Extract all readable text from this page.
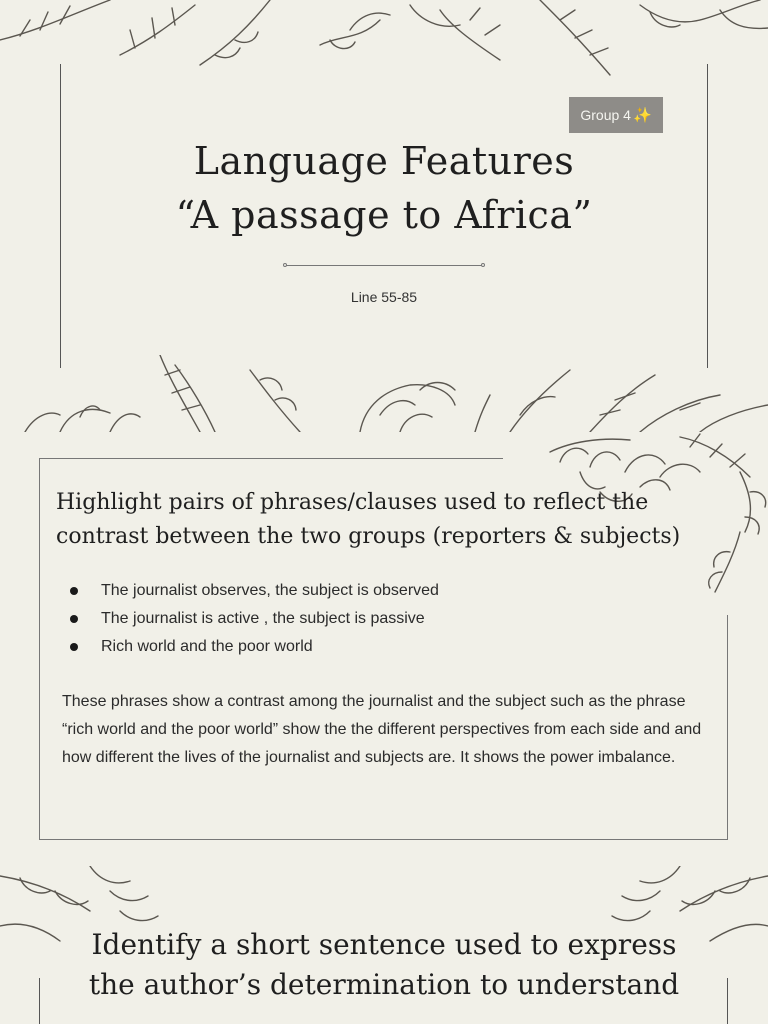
Group 4 ✨
Language Features
“A passage to Africa”
Line 55-85
Highlight pairs of phrases/clauses used to reflect the
contrast between the two groups (reporters & subjects)
The journalist observes, the subject is observed
The journalist is active , the subject is passive
Rich world and the poor world
These phrases show a contrast among the journalist and the subject such as the phrase “rich world and the poor world” show the the different perspectives from each side and and how different the lives of the journalist and subjects are. It shows the power imbalance.
Identify a short sentence used to express
the author’s determination to understand
